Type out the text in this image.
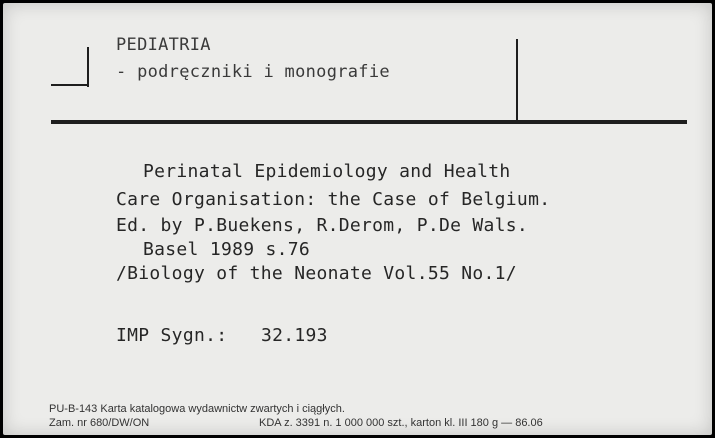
PEDIATRIA
- podręczniki i monografie
Perinatal Epidemiology and Health
Care Organisation: the Case of Belgium.
Ed. by P.Buekens, R.Derom, P.De Wals.
Basel 1989 s.76
/Biology of the Neonate Vol.55 No.1/
IMP Sygn.: 32.193
PU-B-143 Karta katalogowa wydawnictw zwartych i ciągłych.
Zam. nr 680/DW/ON	KDA z. 3391 n. 1 000 000 szt., karton kl. III 180 g — 86.06
